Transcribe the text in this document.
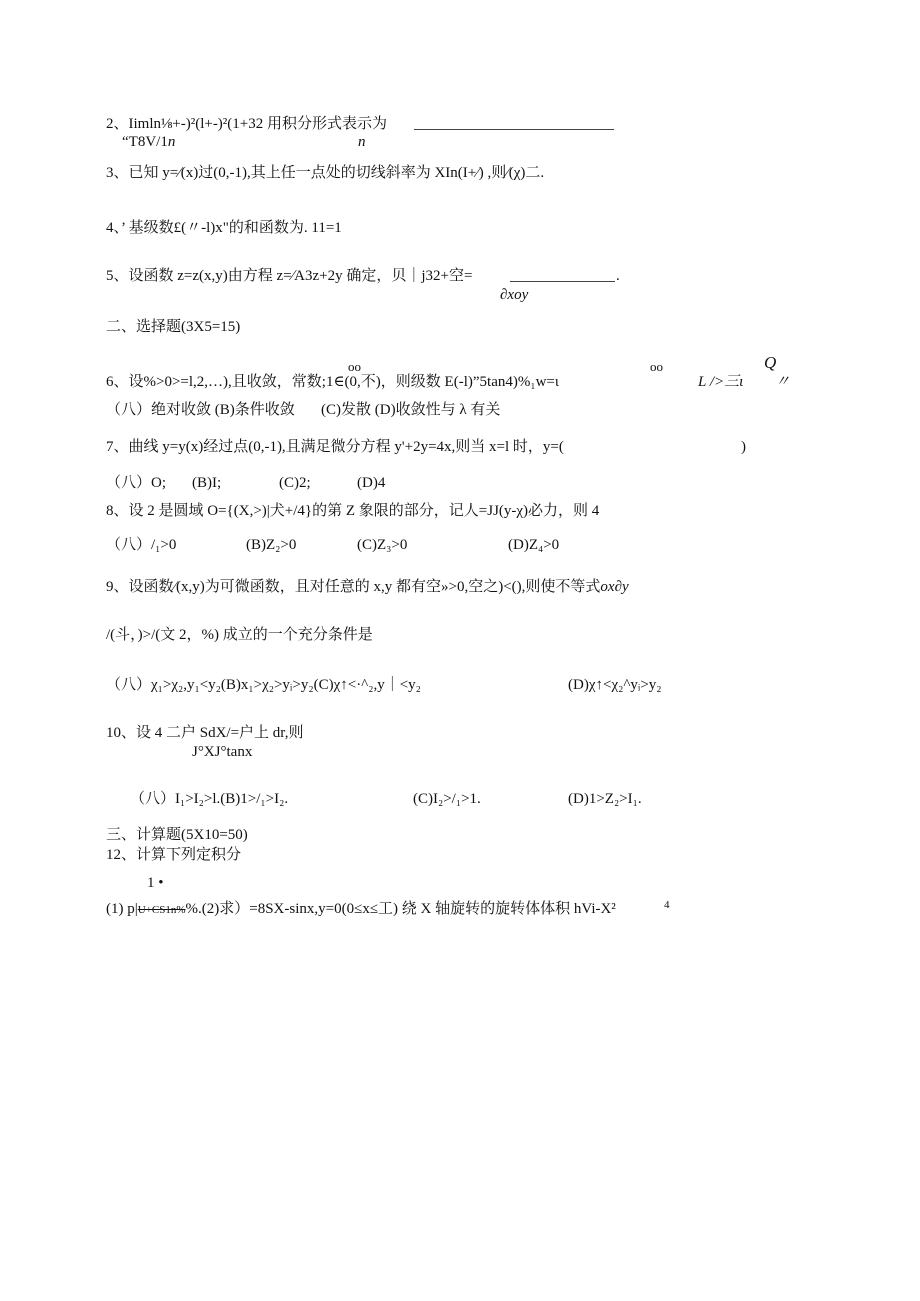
2、Iimln⅛+-)²(l+-)²(1+32 用积分形式表示为
“T8V/1n	n
3、已知 y=∕(x)过(0,-1),其上任一点处的切线斜率为 XIn(I+∕) ,则∕(χ)二.
4、’ 基级数£(〃-l)x"的和函数为. 11=1
5、设函数 z=z(x,y)由方程 z=∕A3z+2y 确定，贝｜j32+空=	.
∂xoy
二、选择题(3X5=15)
oo
6、设%>0>=l,2,…),且收敛，常数;1∈(0,不)，则级数 E(-l)”5tan4)%₁w=ι
oo
L />三ι
Q
〃
（八）绝对收敛 (B)条件收敛       (C)发散 (D)收敛性与 λ 有关
7、曲线 y=y(x)经过点(0,-1),且满足微分方程 y'+2y=4x,则当 x=l 时，y=(	)
（八）O; (B)I;	(C)2;	(D)4
8、设 2 是圆域 O={(X,>)|犬+/4}的第 Z 象限的部分，记人=JJ(y-χ)必力，则 4
（八）/₁>0	(B)Z₂>0	(C)Z₃>0	(D)Z₄>0
9、设函数∕(x,y)为可微函数，且对任意的 x,y 都有空»>0,空之)<(),则使不等式ox∂y
/(斗，)>/(文 2，%) 成立的一个充分条件是
（八）χ₁>χ₂,y₁<y₂(B)x₁>χ₂>yᵢ>y₂(C)χ↑<·^₂,y｜<y₂	(D)χ↑<χ₂^yᵢ>y₂
10、设 4 二户 SdX/=户上 dr,则
J°XJ°tanx
（八）I₁>I₂>l.(B)1>/₁>I₂.	(C)I₂>/₁>1.	(D)1>Z₂>I₁.
三、计算题(5X10=50)
12、计算下列定积分
1 •
(1) p|U+CS1n%%.(2)求）=8SX-sinx,y=0(0≤x≤工) 绕 X 轴旋转的旋转体体积 hVi-X²	4
